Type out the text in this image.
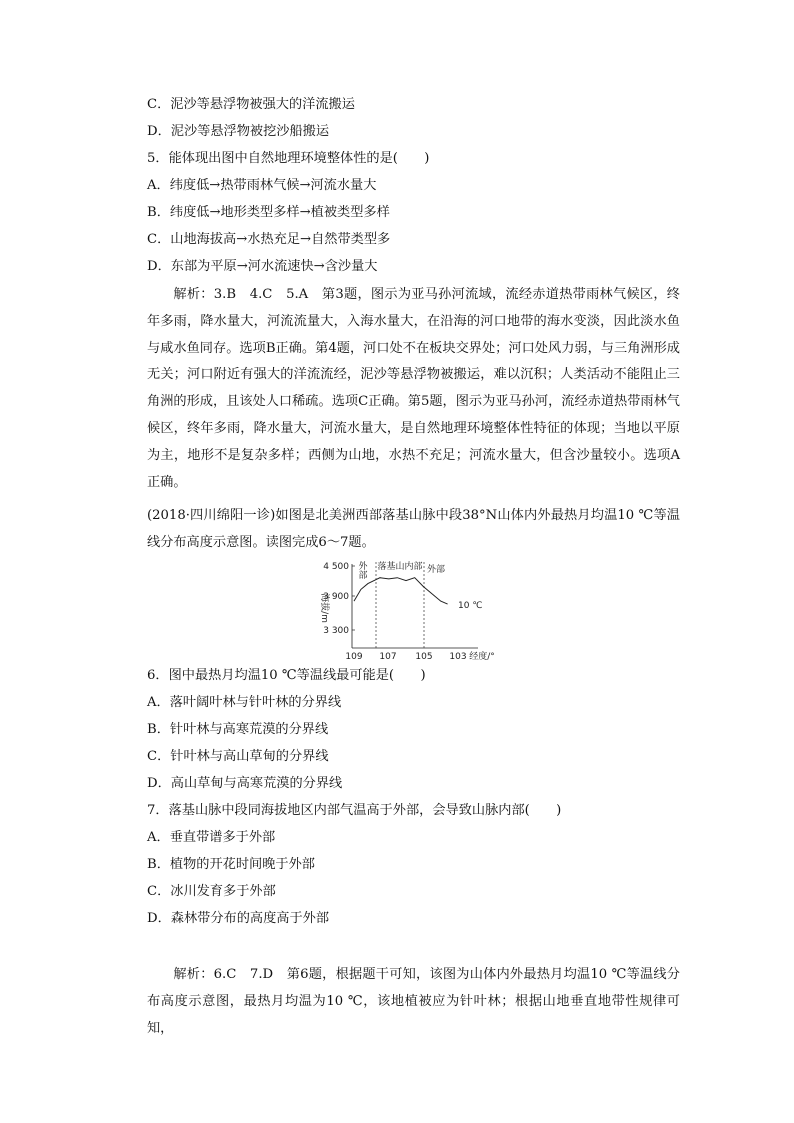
C．泥沙等悬浮物被强大的洋流搬运
D．泥沙等悬浮物被挖沙船搬运
5．能体现出图中自然地理环境整体性的是(　　)
A．纬度低→热带雨林气候→河流水量大
B．纬度低→地形类型多样→植被类型多样
C．山地海拔高→水热充足→自然带类型多
D．东部为平原→河水流速快→含沙量大
解析：3.B　4.C　5.A　第3题，图示为亚马孙河流域，流经赤道热带雨林气候区，终年多雨，降水量大，河流流量大，入海水量大，在沿海的河口地带的海水变淡，因此淡水鱼与咸水鱼同存。选项B正确。第4题，河口处不在板块交界处；河口处风力弱，与三角洲形成无关；河口附近有强大的洋流流经，泥沙等悬浮物被搬运，难以沉积；人类活动不能阻止三角洲的形成，且该处人口稀疏。选项C正确。第5题，图示为亚马孙河，流经赤道热带雨林气候区，终年多雨，降水量大，河流水量大，是自然地理环境整体性特征的体现；当地以平原为主，地形不是复杂多样；西侧为山地，水热不充足；河流水量大，但含沙量较小。选项A正确。
(2018·四川绵阳一诊)如图是北美洲西部落基山脉中段38°N山体内外最热月均温10 ℃等温线分布高度示意图。读图完成6～7题。
4 500
3 900
3 300
海拔/m
109 107 105 103 经度/°
外部
落基山内部 外部
10 ℃
6．图中最热月均温10 ℃等温线最可能是(　　)
A．落叶阔叶林与针叶林的分界线
B．针叶林与高寒荒漠的分界线
C．针叶林与高山草甸的分界线
D．高山草甸与高寒荒漠的分界线
7．落基山脉中段同海拔地区内部气温高于外部，会导致山脉内部(　　)
A．垂直带谱多于外部
B．植物的开花时间晚于外部
C．冰川发育多于外部
D．森林带分布的高度高于外部
解析：6.C　7.D　第6题，根据题干可知，该图为山体内外最热月均温10 ℃等温线分布高度示意图，最热月均温为10 ℃，该地植被应为针叶林；根据山地垂直地带性规律可知，
